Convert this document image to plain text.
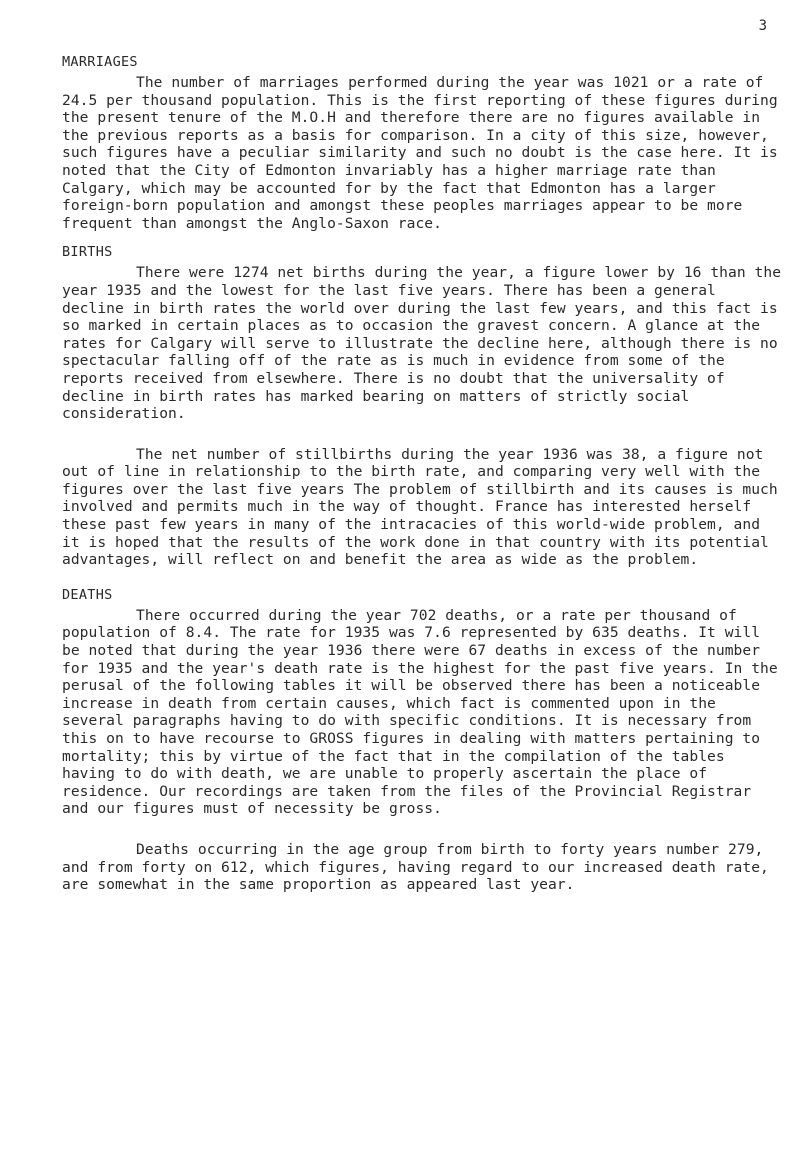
3
MARRIAGES

The number of marriages performed during the year was 1021 or a rate of 24.5 per thousand population. This is the first reporting of these figures during the present tenure of the M.O.H and therefore there are no figures available in the previous reports as a basis for comparison. In a city of this size, however, such figures have a peculiar similarity and such no doubt is the case here. It is noted that the City of Edmonton invariably has a higher marriage rate than Calgary, which may be accounted for by the fact that Edmonton has a larger foreign-born population and amongst these peoples marriages appear to be more frequent than amongst the Anglo-Saxon race.

BIRTHS

There were 1274 net births during the year, a figure lower by 16 than the year 1935 and the lowest for the last five years. There has been a general decline in birth rates the world over during the last few years, and this fact is so marked in certain places as to occasion the gravest concern. A glance at the rates for Calgary will serve to illustrate the decline here, although there is no spectacular falling off of the rate as is much in evidence from some of the reports received from elsewhere. There is no doubt that the universality of decline in birth rates has marked bearing on matters of strictly social consideration.

The net number of stillbirths during the year 1936 was 38, a figure not out of line in relationship to the birth rate, and comparing very well with the figures over the last five years The problem of stillbirth and its causes is much involved and permits much in the way of thought. France has interested herself these past few years in many of the intracacies of this world-wide problem, and it is hoped that the results of the work done in that country with its potential advantages, will reflect on and benefit the area as wide as the problem.

DEATHS

There occurred during the year 702 deaths, or a rate per thousand of population of 8.4. The rate for 1935 was 7.6 represented by 635 deaths. It will be noted that during the year 1936 there were 67 deaths in excess of the number for 1935 and the year's death rate is the highest for the past five years. In the perusal of the following tables it will be observed there has been a noticeable increase in death from certain causes, which fact is commented upon in the several paragraphs having to do with specific conditions. It is necessary from this on to have recourse to GROSS figures in dealing with matters pertaining to mortality; this by virtue of the fact that in the compilation of the tables having to do with death, we are unable to properly ascertain the place of residence. Our recordings are taken from the files of the Provincial Registrar and our figures must of necessity be gross.

Deaths occurring in the age group from birth to forty years number 279, and from forty on 612, which figures, having regard to our increased death rate, are somewhat in the same proportion as appeared last year.
